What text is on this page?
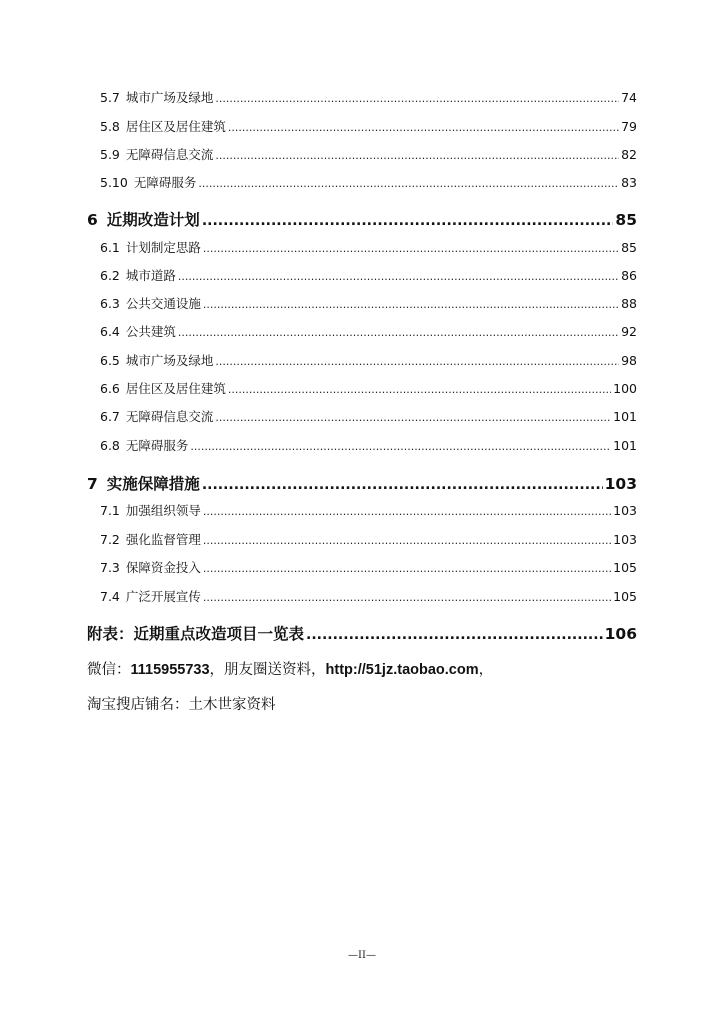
5.7 城市广场及绿地 .....	74
5.8 居住区及居住建筑 .....	79
5.9 无障碍信息交流 .....	82
5.10 无障碍服务 .....	83
6 近期改造计划 .....	85
6.1 计划制定思路 .....	85
6.2 城市道路 .....	86
6.3 公共交通设施 .....	88
6.4 公共建筑 .....	92
6.5 城市广场及绿地 .....	98
6.6 居住区及居住建筑 .....	100
6.7 无障碍信息交流 .....	101
6.8 无障碍服务 .....	101
7 实施保障措施 .....	103
7.1 加强组织领导 .....	103
7.2 强化监督管理 .....	103
7.3 保障资金投入 .....	105
7.4 广泛开展宣传 .....	105
附表：近期重点改造项目一览表 .....	106
微信：1115955733，朋友圈送资料，http://51jz.taobao.com，
淘宝搜店铺名：土木世家资料
—II—
